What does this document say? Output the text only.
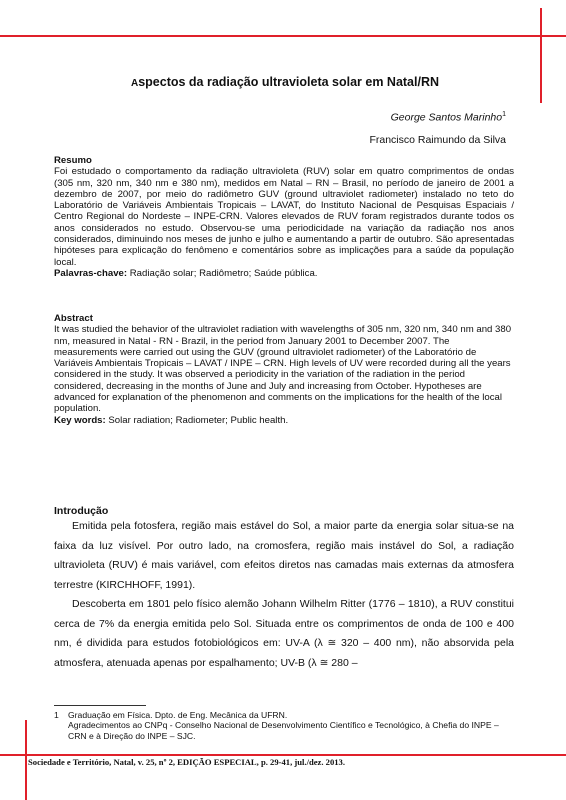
Aspectos da radiação ultravioleta solar em Natal/RN
George Santos Marinho$^1$
Francisco Raimundo da Silva
Resumo

Foi estudado o comportamento da radiação ultravioleta (RUV) solar em quatro comprimentos de ondas (305 nm, 320 nm, 340 nm e 380 nm), medidos em Natal – RN – Brasil, no período de janeiro de 2001 a dezembro de 2007, por meio do radiômetro GUV (ground ultraviolet radiometer) instalado no teto do Laboratório de Variáveis Ambientais Tropicais – LAVAT, do Instituto Nacional de Pesquisas Espaciais / Centro Regional do Nordeste – INPE-CRN. Valores elevados de RUV foram registrados durante todos os anos considerados no estudo. Observou-se uma periodicidade na variação da radiação nos anos considerados, diminuindo nos meses de junho e julho e aumentando a partir de outubro. São apresentadas hipóteses para explicação do fenômeno e comentários sobre as implicações para a saúde da população local.

Palavras-chave: Radiação solar; Radiômetro; Saúde pública.

Abstract

It was studied the behavior of the ultraviolet radiation with wavelengths of 305 nm, 320 nm, 340 nm and 380 nm, measured in Natal - RN - Brazil, in the period from January 2001 to December 2007. The measurements were carried out using the GUV (ground ultraviolet radiometer) of the Laboratório de Variáveis Ambientais Tropicais – LAVAT / INPE – CRN. High levels of UV were recorded during all the years considered in the study. It was observed a periodicity in the variation of the radiation in the period considered, decreasing in the months of June and July and increasing from October. Hypotheses are advanced for explanation of the phenomenon and comments on the implications for the health of the local population.

Key words: Solar radiation; Radiometer; Public health.

Introdução

Emitida pela fotosfera, região mais estável do Sol, a maior parte da energia solar situa-se na faixa da luz visível. Por outro lado, na cromosfera, região mais instável do Sol, a radiação ultravioleta (RUV) é mais variável, com efeitos diretos nas camadas mais externas da atmosfera terrestre (KIRCHHOFF, 1991).

Descoberta em 1801 pelo físico alemão Johann Wilhelm Ritter (1776 – 1810), a RUV constitui cerca de 7% da energia emitida pelo Sol. Situada entre os comprimentos de onda de 100 e 400 nm, é dividida para estudos fotobiológicos em: UV-A (λ ≅ 320 – 400 nm), não absorvida pela atmosfera, atenuada apenas por espalhamento; UV-B (λ ≅ 280 –

1 Graduação em Física. Dpto. de Eng. Mecânica da UFRN.
Agradecimentos ao CNPq - Conselho Nacional de Desenvolvimento Científico e Tecnológico, à Chefia do INPE – CRN e à Direção do INPE – SJC.
Sociedade e Território, Natal, v. 25, nº 2, EDIÇÃO ESPECIAL, p. 29-41, jul./dez. 2013.
